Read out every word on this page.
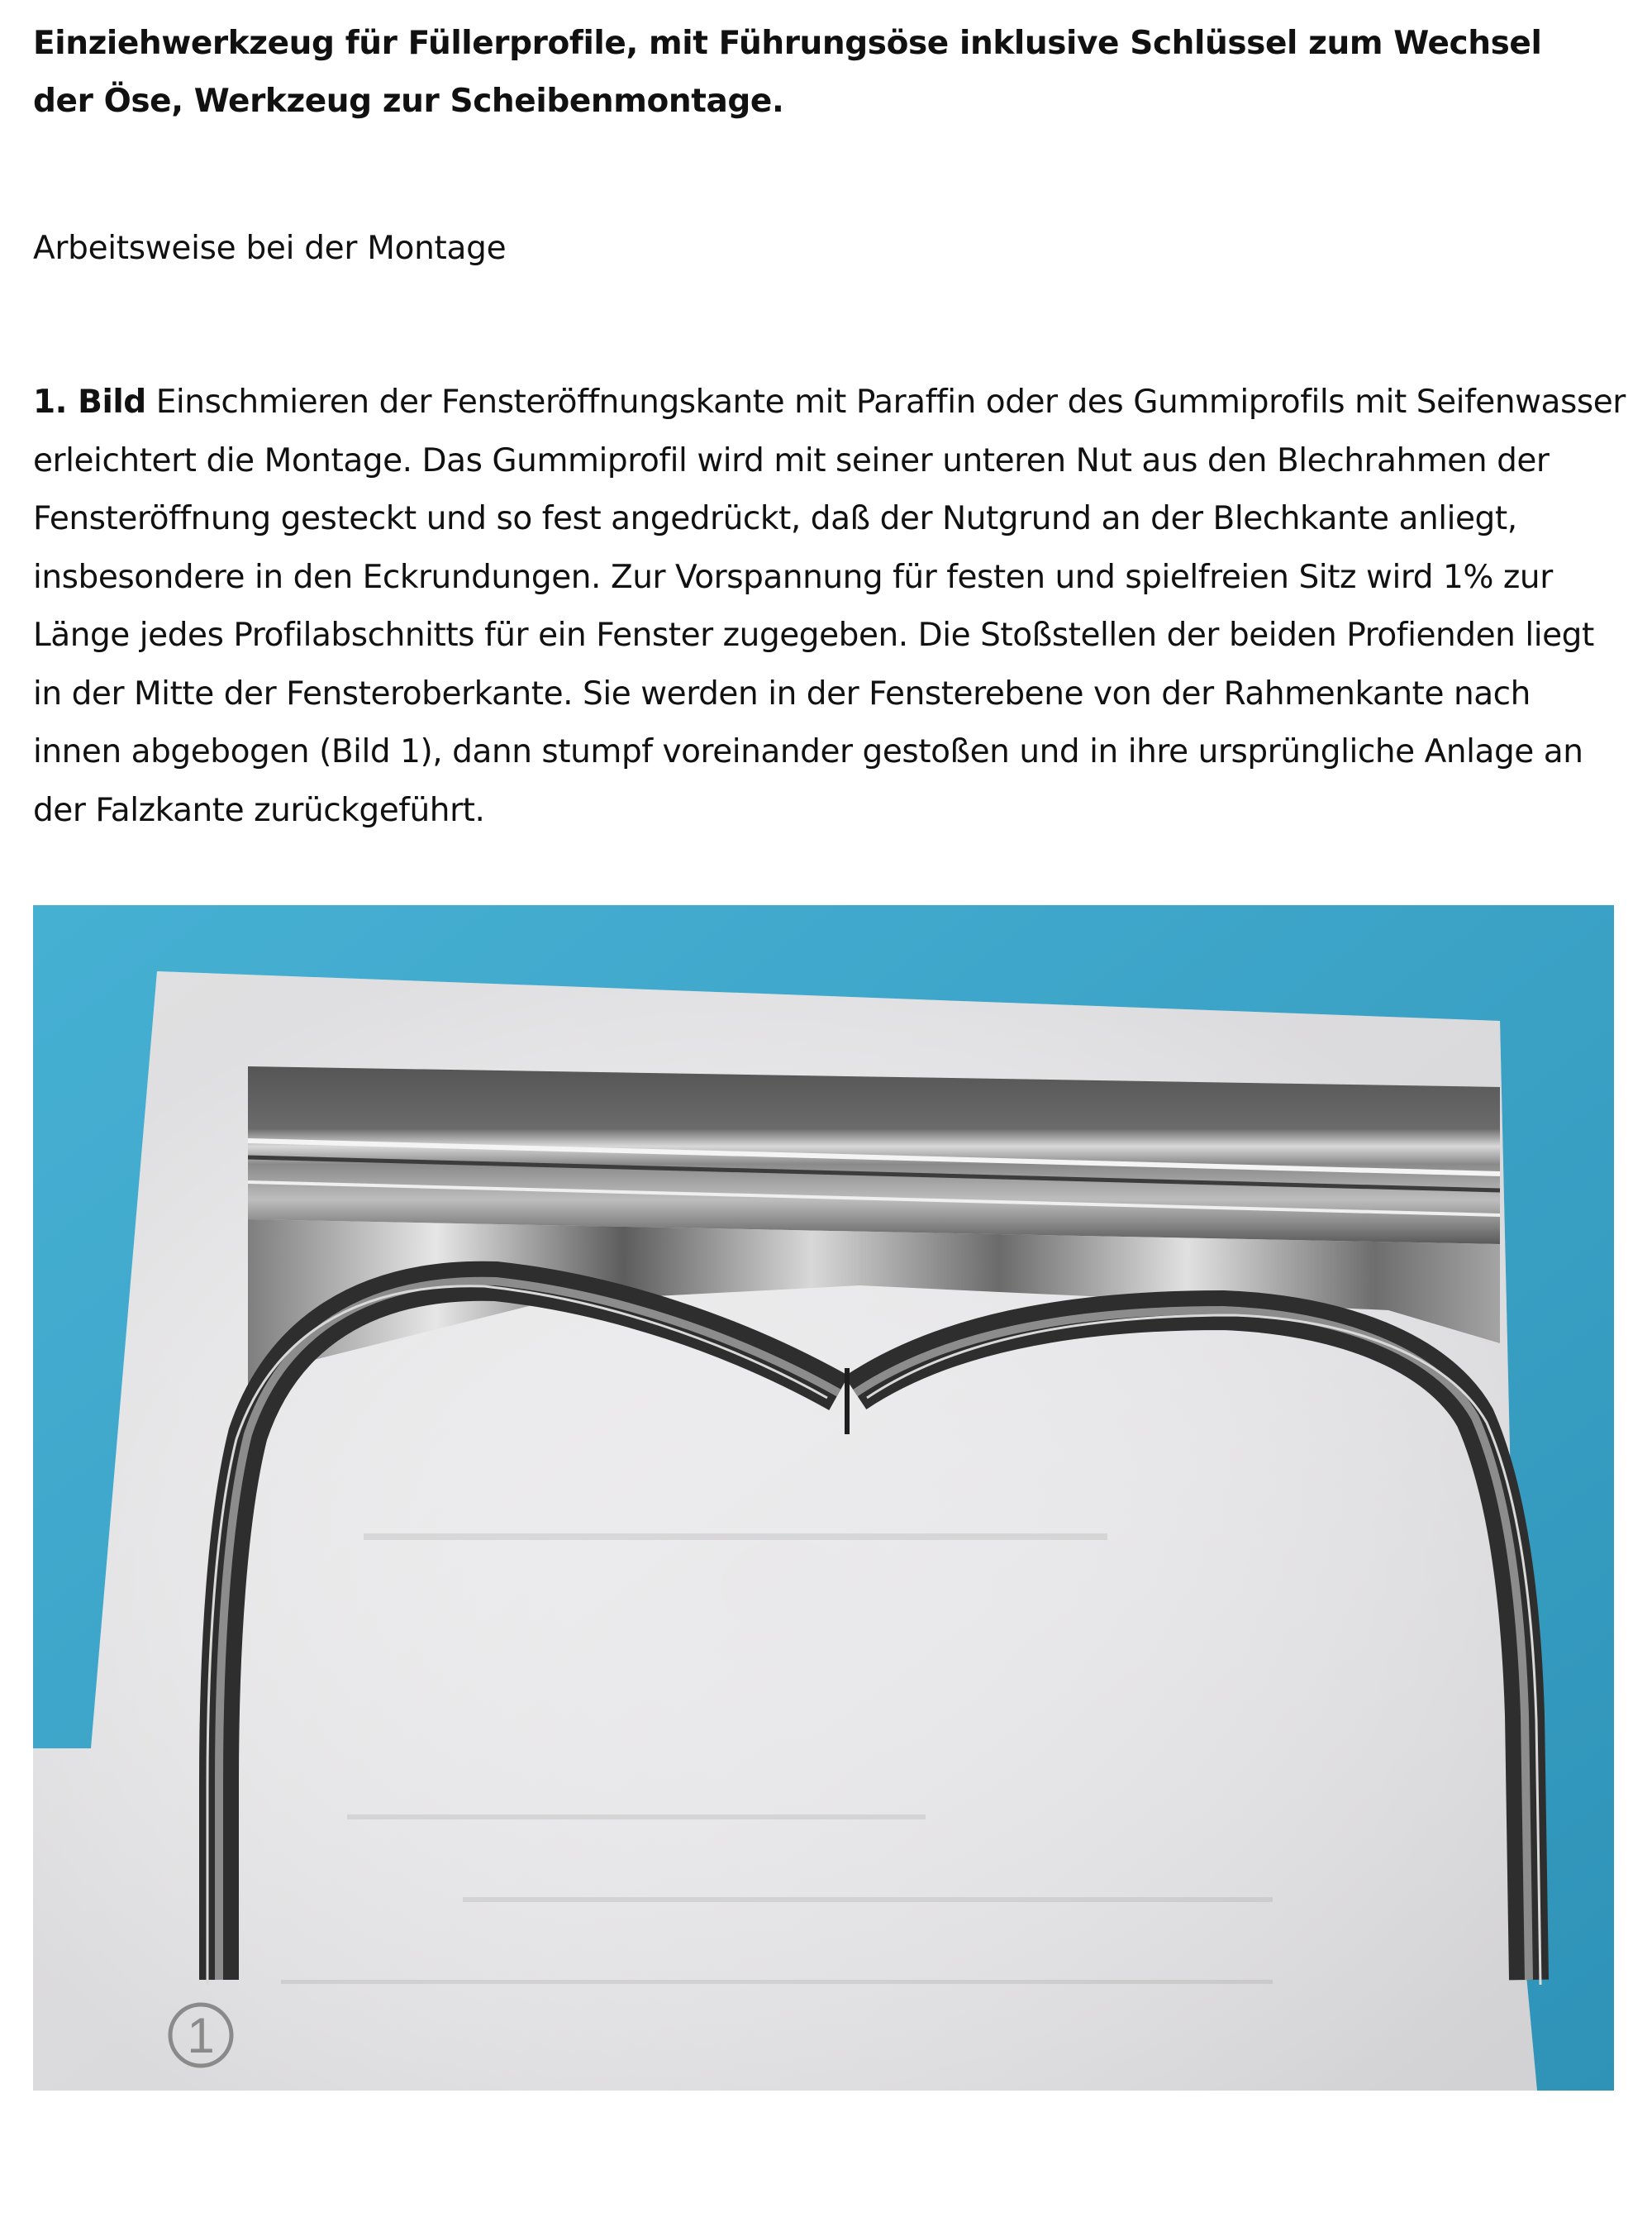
Einziehwerkzeug für Füllerprofile, mit Führungsöse inklusive Schlüssel zum Wechsel der Öse, Werkzeug zur Scheibenmontage.
Arbeitsweise bei der Montage

1. Bild Einschmieren der Fensteröffnungskante mit Paraffin oder des Gummiprofils mit Seifenwasser erleichtert die Montage. Das Gummiprofil wird mit seiner unteren Nut aus den Blechrahmen der Fensteröffnung gesteckt und so fest angedrückt, daß der Nutgrund an der Blechkante anliegt, insbesondere in den Eckrundungen. Zur Vorspannung für festen und spielfreien Sitz wird 1% zur Länge jedes Profilabschnitts für ein Fenster zugegeben. Die Stoßstellen der beiden Profienden liegt in der Mitte der Fensteroberkante. Sie werden in der Fensterebene von der Rahmenkante nach innen abgebogen (Bild 1), dann stumpf voreinander gestoßen und in ihre ursprüngliche Anlage an der Falzkante zurückgeführt.

1
